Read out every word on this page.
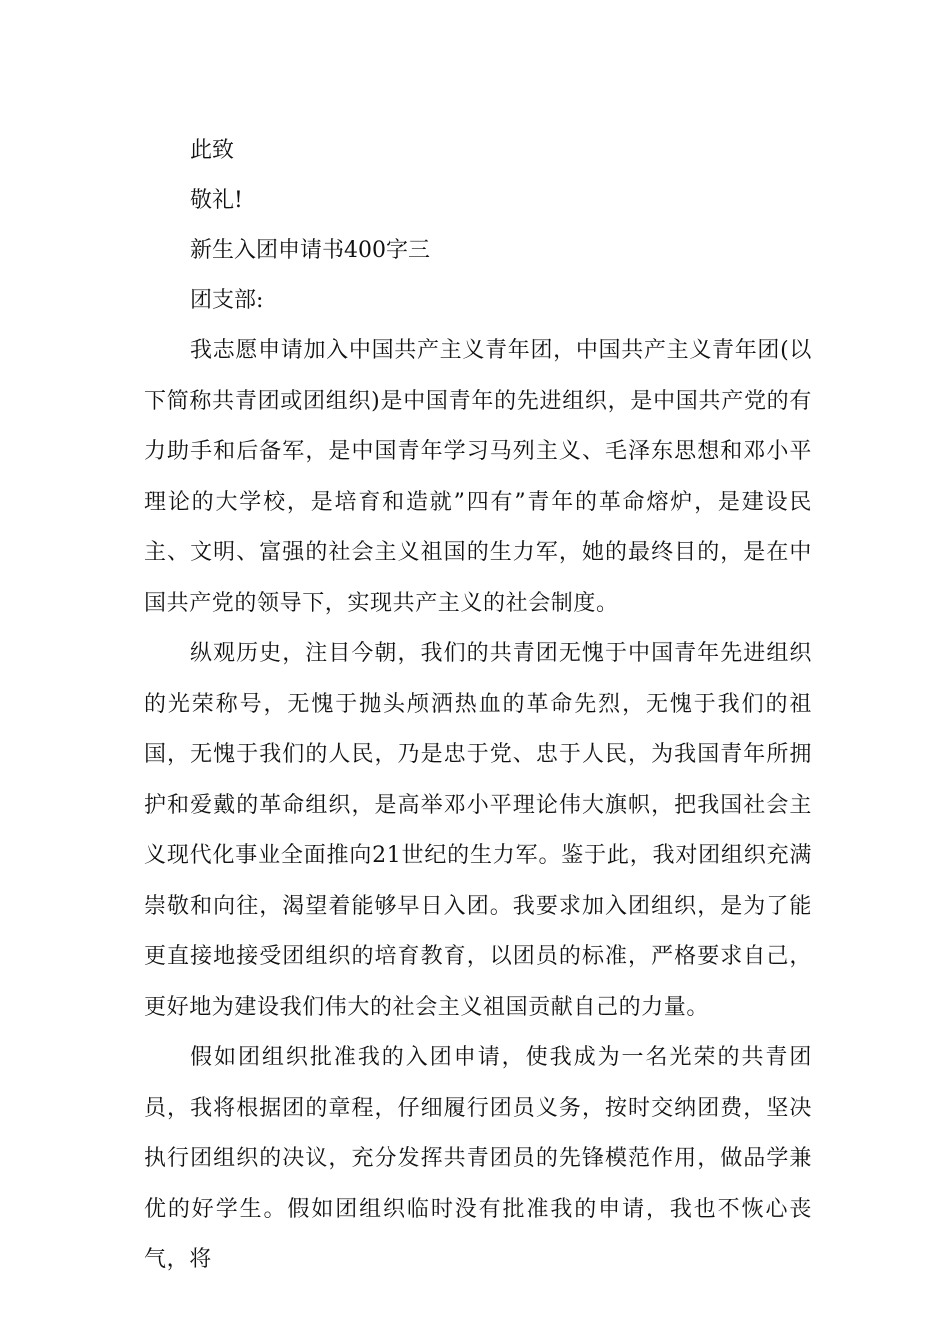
此致

敬礼!

新生入团申请书400字三

团支部:

我志愿申请加入中国共产主义青年团，中国共产主义青年团(以下简称共青团或团组织)是中国青年的先进组织，是中国共产党的有力助手和后备军，是中国青年学习马列主义、毛泽东思想和邓小平理论的大学校，是培育和造就”四有”青年的革命熔炉，是建设民主、文明、富强的社会主义祖国的生力军，她的最终目的，是在中国共产党的领导下，实现共产主义的社会制度。

纵观历史，注目今朝，我们的共青团无愧于中国青年先进组织的光荣称号，无愧于抛头颅洒热血的革命先烈，无愧于我们的祖国，无愧于我们的人民，乃是忠于党、忠于人民，为我国青年所拥护和爱戴的革命组织，是高举邓小平理论伟大旗帜，把我国社会主义现代化事业全面推向21世纪的生力军。鉴于此，我对团组织充满崇敬和向往，渴望着能够早日入团。我要求加入团组织，是为了能更直接地接受团组织的培育教育，以团员的标准，严格要求自己，更好地为建设我们伟大的社会主义祖国贡献自己的力量。

假如团组织批准我的入团申请，使我成为一名光荣的共青团员，我将根据团的章程，仔细履行团员义务，按时交纳团费，坚决执行团组织的决议，充分发挥共青团员的先锋模范作用，做品学兼优的好学生。假如团组织临时没有批准我的申请，我也不恢心丧气，将
